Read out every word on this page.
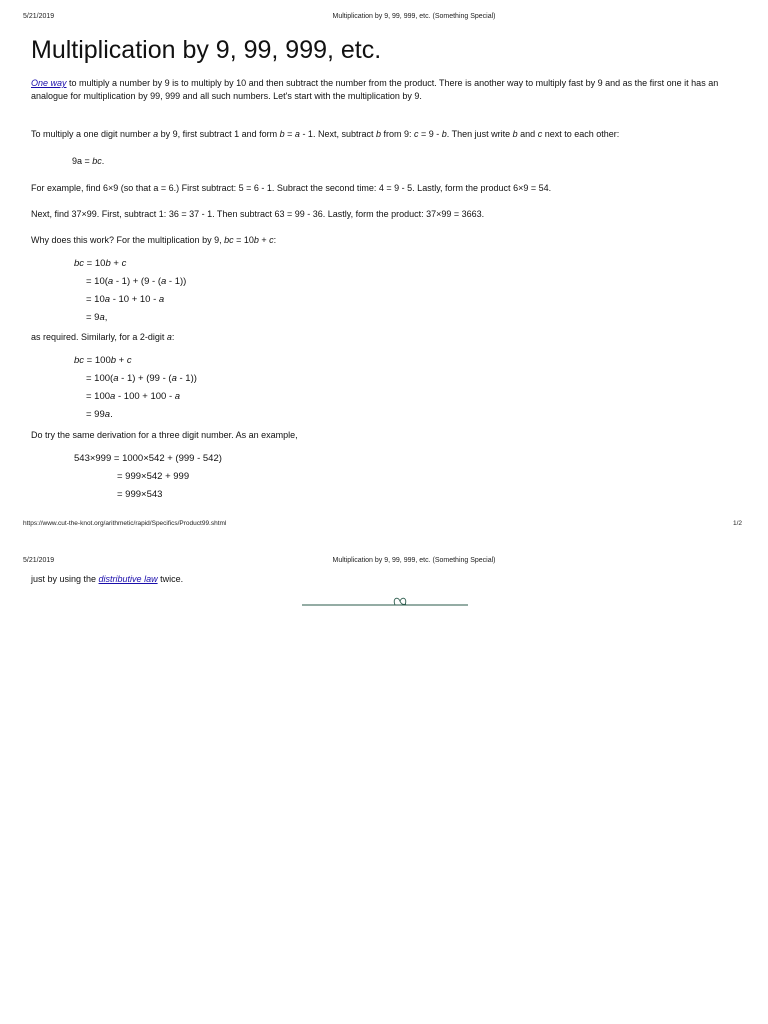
5/21/2019	Multiplication by 9, 99, 999, etc. (Something Special)
Multiplication by 9, 99, 999, etc.
One way to multiply a number by 9 is to multiply by 10 and then subtract the number from the product. There is another way to multiply fast by 9 and as the first one it has an analogue for multiplication by 99, 999 and all such numbers. Let's start with the multiplication by 9.
To multiply a one digit number a by 9, first subtract 1 and form b = a - 1. Next, subtract b from 9: c = 9 - b. Then just write b and c next to each other:
9a = bc.
For example, find 6×9 (so that a = 6.) First subtract: 5 = 6 - 1. Subract the second time: 4 = 9 - 5. Lastly, form the product 6×9 = 54.
Next, find 37×99. First, subtract 1: 36 = 37 - 1. Then subtract 63 = 99 - 36. Lastly, form the product: 37×99 = 3663.
Why does this work? For the multiplication by 9, bc = 10b + c:
bc = 10b + c
= 10(a - 1) + (9 - (a - 1))
= 10a - 10 + 10 - a
= 9a,
as required. Similarly, for a 2-digit a:
bc = 100b + c
= 100(a - 1) + (99 - (a - 1))
= 100a - 100 + 100 - a
= 99a.
Do try the same derivation for a three digit number. As an example,
543×999 = 1000×542 + (999 - 542)
= 999×542 + 999
= 999×543
https://www.cut-the-knot.org/arithmetic/rapid/Specifics/Product99.shtml	1/2
5/21/2019	Multiplication by 9, 99, 999, etc. (Something Special)
just by using the distributive law twice.
